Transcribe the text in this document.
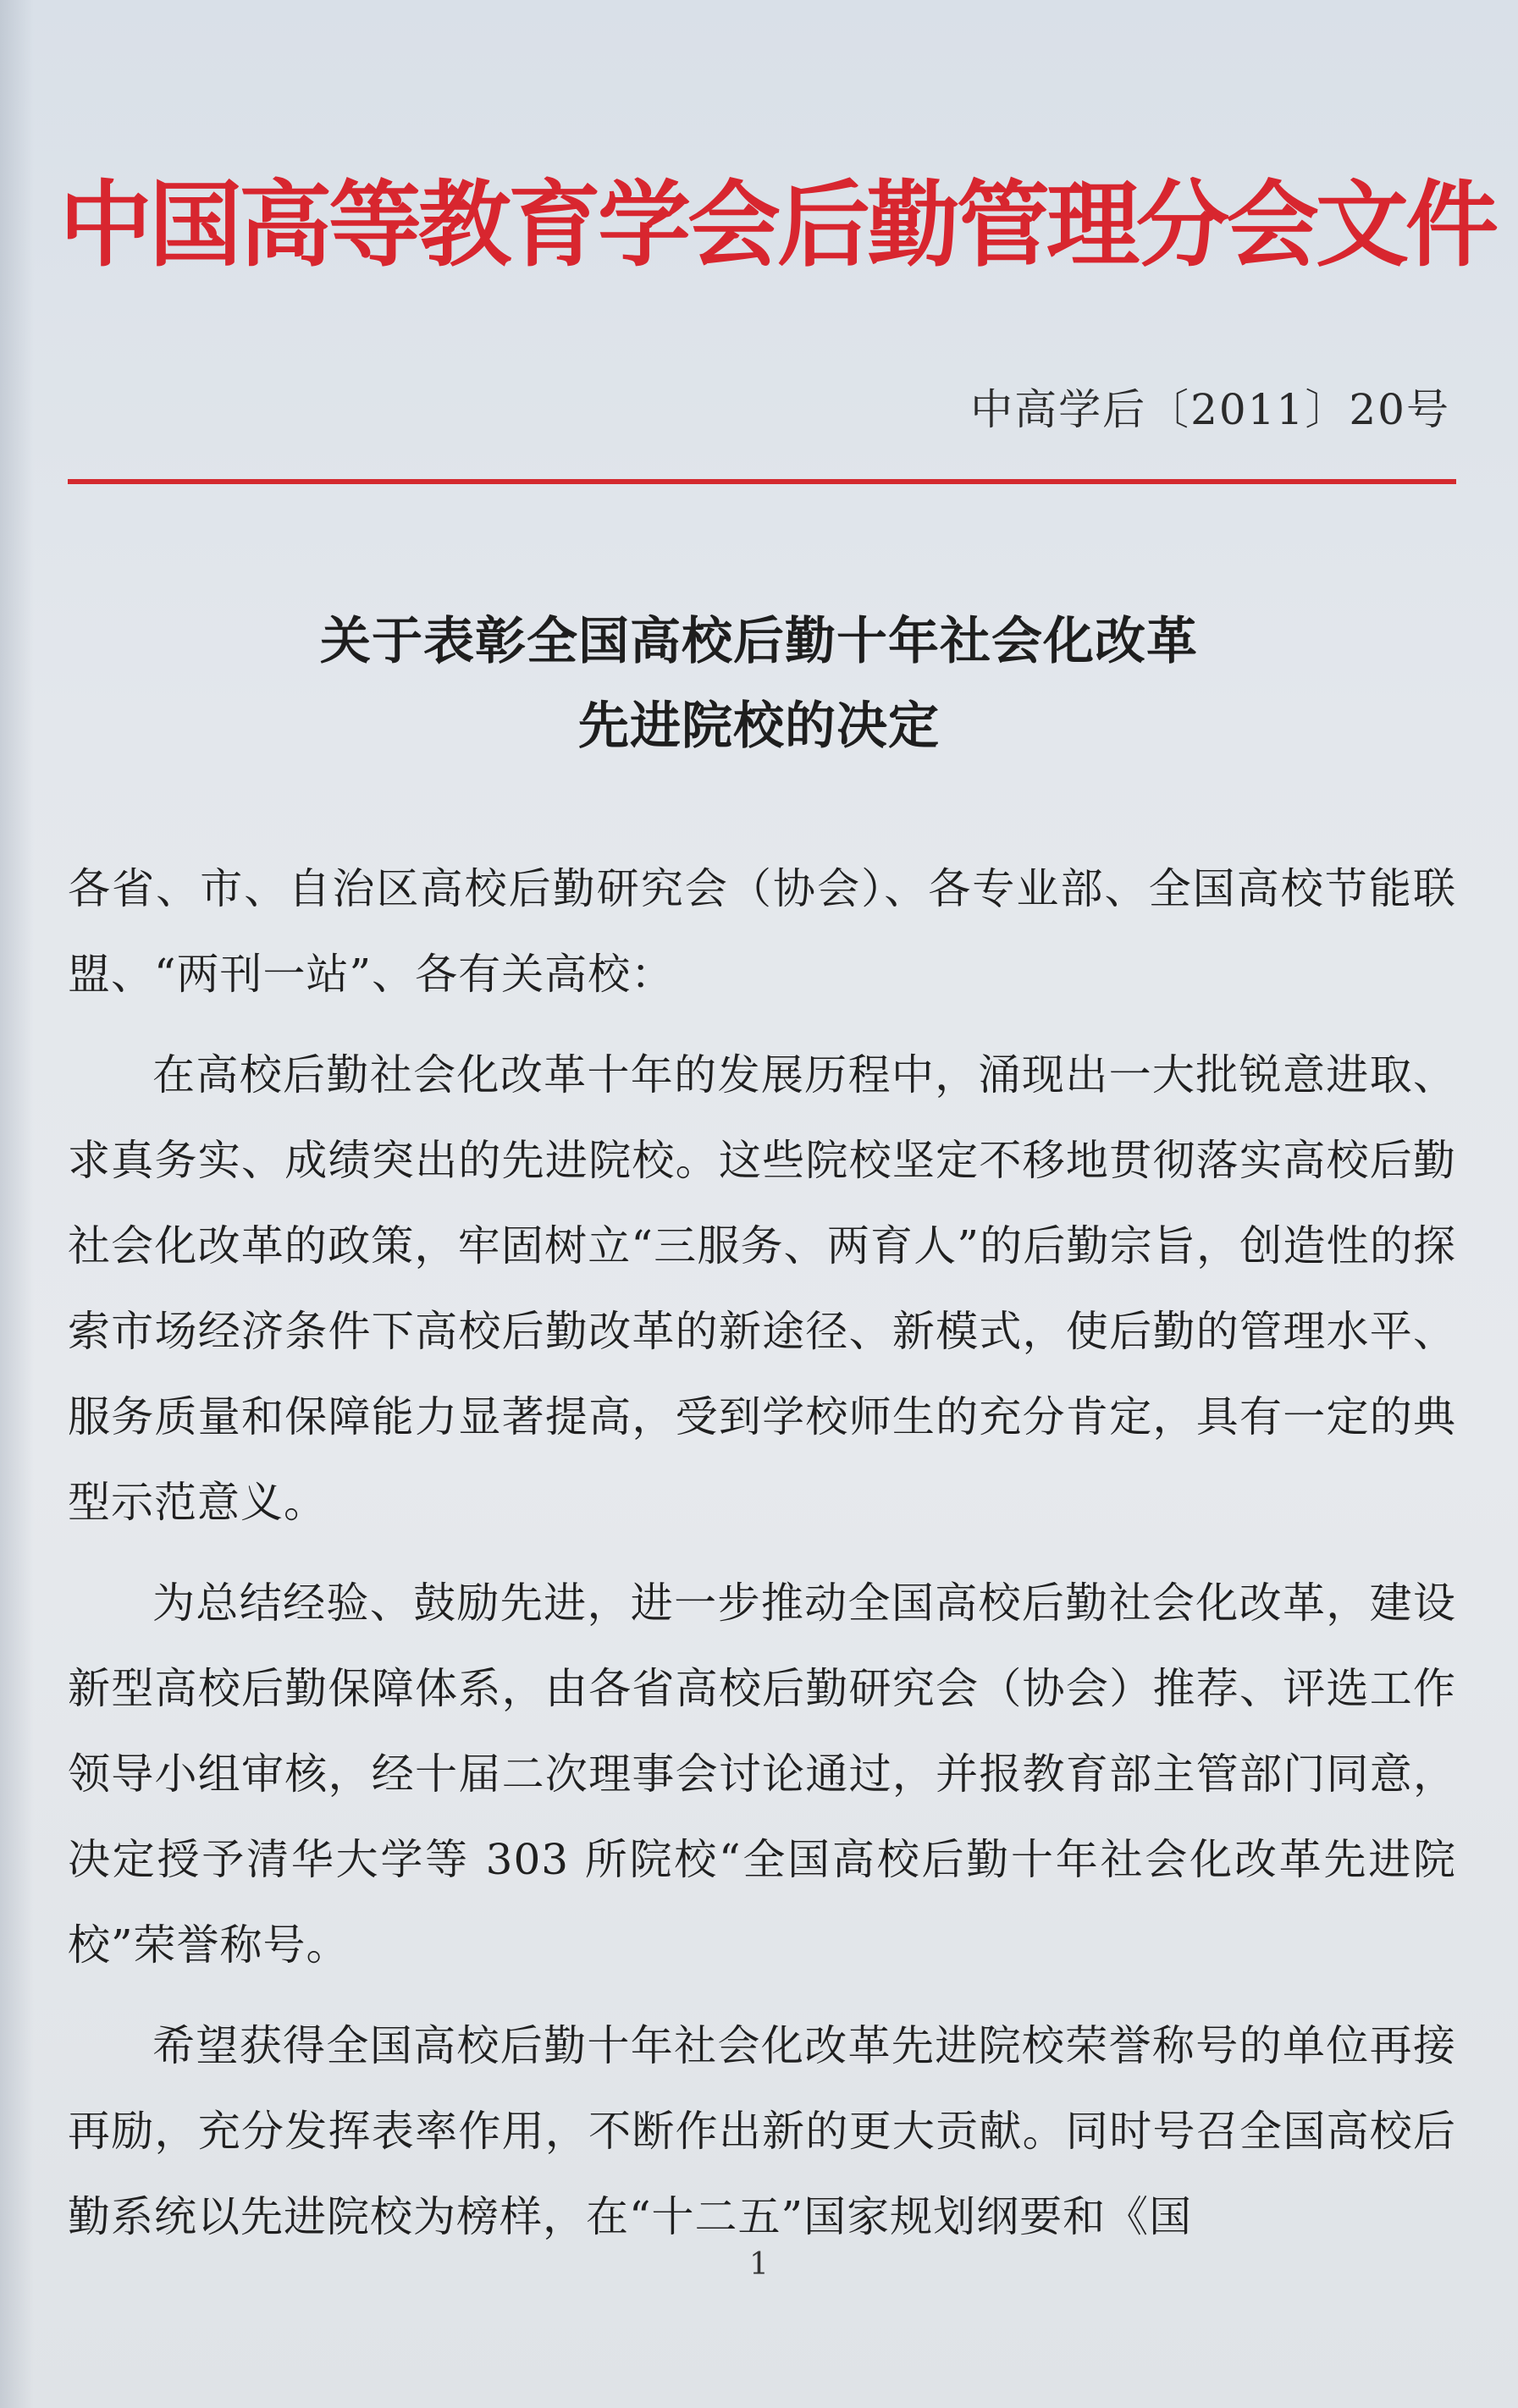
中国高等教育学会后勤管理分会文件
中高学后〔2011〕20号
关于表彰全国高校后勤十年社会化改革
先进院校的决定

各省、市、自治区高校后勤研究会（协会）、各专业部、全国高校节能联盟、“两刊一站”、各有关高校：

在高校后勤社会化改革十年的发展历程中，涌现出一大批锐意进取、求真务实、成绩突出的先进院校。这些院校坚定不移地贯彻落实高校后勤社会化改革的政策，牢固树立“三服务、两育人”的后勤宗旨，创造性的探索市场经济条件下高校后勤改革的新途径、新模式，使后勤的管理水平、服务质量和保障能力显著提高，受到学校师生的充分肯定，具有一定的典型示范意义。

为总结经验、鼓励先进，进一步推动全国高校后勤社会化改革，建设新型高校后勤保障体系，由各省高校后勤研究会（协会）推荐、评选工作领导小组审核，经十届二次理事会讨论通过，并报教育部主管部门同意，决定授予清华大学等 303 所院校“全国高校后勤十年社会化改革先进院校”荣誉称号。

希望获得全国高校后勤十年社会化改革先进院校荣誉称号的单位再接再励，充分发挥表率作用，不断作出新的更大贡献。同时号召全国高校后勤系统以先进院校为榜样，在“十二五”国家规划纲要和《国

1
